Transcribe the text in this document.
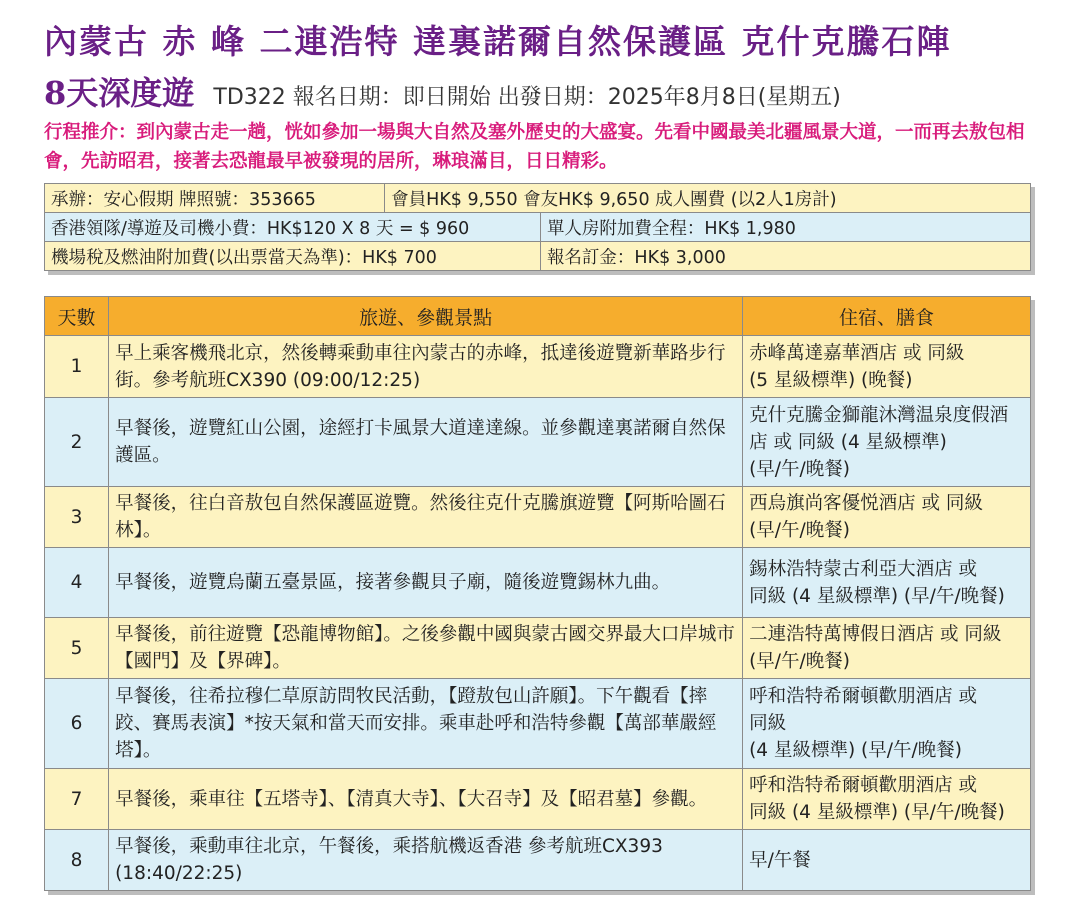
內蒙古 赤 峰 二連浩特 達裏諾爾自然保護區 克什克騰石陣
8天深度遊 TD322 報名日期：即日開始 出發日期：2025年8月8日(星期五)
行程推介：到內蒙古走一趟，恍如參加一場與大自然及塞外歷史的大盛宴。先看中國最美北疆風景大道，一而再去敖包相會，先訪昭君，接著去恐龍最早被發現的居所，琳琅滿目，日日精彩。
承辦：安心假期 牌照號：353665	會員HK$ 9,550 會友HK$ 9,650 成人團費 (以2人1房計)	
香港領隊/導遊及司機小費：HK$120 X 8 天 = $ 960		單人房附加費全程：HK$ 1,980
機場稅及燃油附加費(以出票當天為準)：HK$ 700		報名訂金：HK$ 3,000
天數	旅遊、參觀景點	住宿、膳食
1	早上乘客機飛北京，然後轉乘動車往內蒙古的赤峰，抵達後遊覽新華路步行街。參考航班CX390 (09:00/12:25)	赤峰萬達嘉華酒店 或 同級
(5 星級標準) (晚餐)
2	早餐後，遊覽紅山公園，途經打卡風景大道達達線。並參觀達裏諾爾自然保護區。	克什克騰金獅龍沐灣温泉度假酒店 或 同級 (4 星級標準)
(早/午/晚餐)
3	早餐後，往白音敖包自然保護區遊覽。然後往克什克騰旗遊覽【阿斯哈圖石林】。	西烏旗尚客優悦酒店 或 同級
(早/午/晚餐)
4	早餐後，遊覽烏蘭五臺景區，接著參觀貝子廟，隨後遊覽錫林九曲。	錫林浩特蒙古利亞大酒店 或
同級 (4 星級標準) (早/午/晚餐)
5	早餐後，前往遊覽【恐龍博物館】。之後參觀中國與蒙古國交界最大口岸城市【國門】及【界碑】。	二連浩特萬博假日酒店 或 同級
(早/午/晚餐)
6	早餐後，往希拉穆仁草原訪問牧民活動，【蹬敖包山許願】。下午觀看【摔跤、賽馬表演】*按天氣和當天而安排。乘車赴呼和浩特參觀【萬部華嚴經塔】。	呼和浩特希爾頓歡朋酒店 或
同級
(4 星級標準) (早/午/晚餐)
7	早餐後，乘車往【五塔寺】、【清真大寺】、【大召寺】及【昭君墓】參觀。	呼和浩特希爾頓歡朋酒店 或
同級 (4 星級標準) (早/午/晚餐)
8	早餐後，乘動車往北京，午餐後，乘搭航機返香港 參考航班CX393 (18:40/22:25)	早/午餐
